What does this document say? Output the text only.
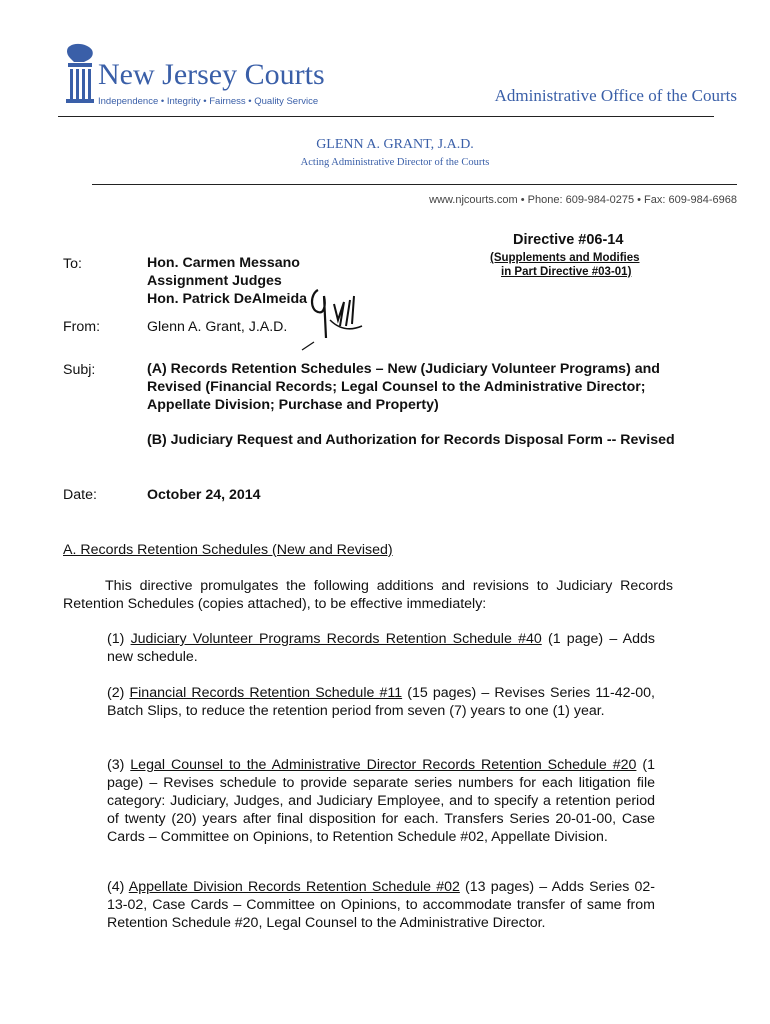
New Jersey Courts
Independence • Integrity • Fairness • Quality Service	Administrative Office of the Courts
GLENN A. GRANT, J.A.D.
Acting Administrative Director of the Courts
www.njcourts.com • Phone: 609-984-0275 • Fax: 609-984-6968
Directive #06-14
(Supplements and Modifies
in Part Directive #03-01)
To:	Hon. Carmen Messano
Assignment Judges
Hon. Patrick DeAlmeida
From:	Glenn A. Grant, J.A.D.
Subj:	(A) Records Retention Schedules – New (Judiciary Volunteer Programs) and Revised (Financial Records; Legal Counsel to the Administrative Director; Appellate Division; Purchase and Property)
(B) Judiciary Request and Authorization for Records Disposal Form -- Revised
Date:	October 24, 2014
A. Records Retention Schedules (New and Revised)
This directive promulgates the following additions and revisions to Judiciary Records Retention Schedules (copies attached), to be effective immediately:
(1) Judiciary Volunteer Programs Records Retention Schedule #40 (1 page) – Adds new schedule.
(2) Financial Records Retention Schedule #11 (15 pages) – Revises Series 11-42-00, Batch Slips, to reduce the retention period from seven (7) years to one (1) year.
(3) Legal Counsel to the Administrative Director Records Retention Schedule #20 (1 page) – Revises schedule to provide separate series numbers for each litigation file category: Judiciary, Judges, and Judiciary Employee, and to specify a retention period of twenty (20) years after final disposition for each. Transfers Series 20-01-00, Case Cards – Committee on Opinions, to Retention Schedule #02, Appellate Division.
(4) Appellate Division Records Retention Schedule #02 (13 pages) – Adds Series 02-13-02, Case Cards – Committee on Opinions, to accommodate transfer of same from Retention Schedule #20, Legal Counsel to the Administrative Director.
